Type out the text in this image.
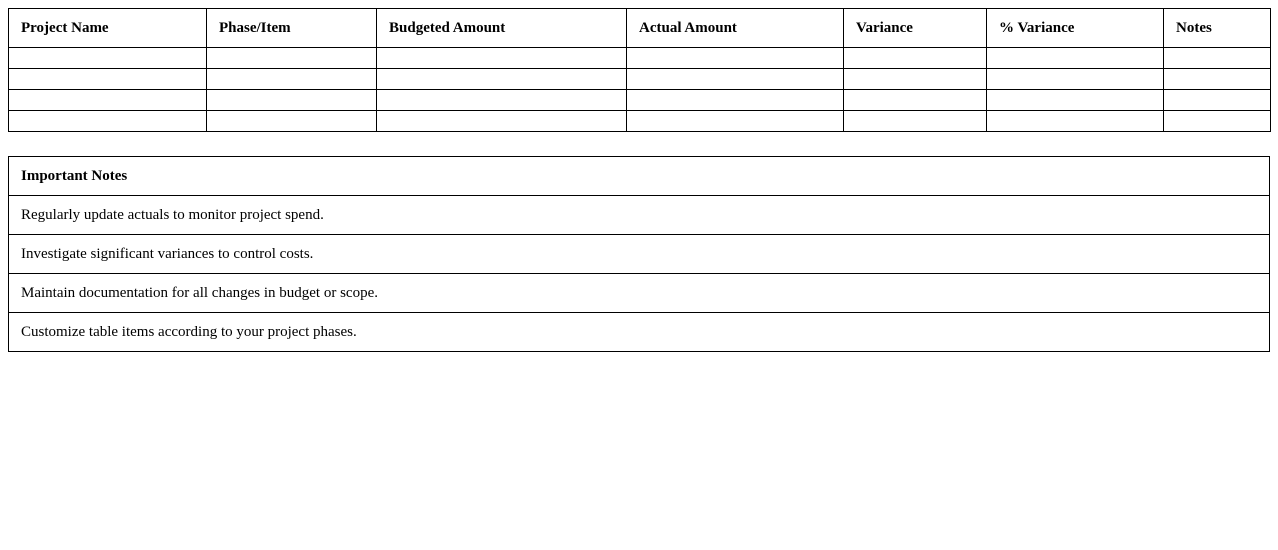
Project Name	Phase/Item	Budgeted Amount	Actual Amount	Variance	% Variance	Notes

Important Notes
Regularly update actuals to monitor project spend.
Investigate significant variances to control costs.
Maintain documentation for all changes in budget or scope.
Customize table items according to your project phases.
